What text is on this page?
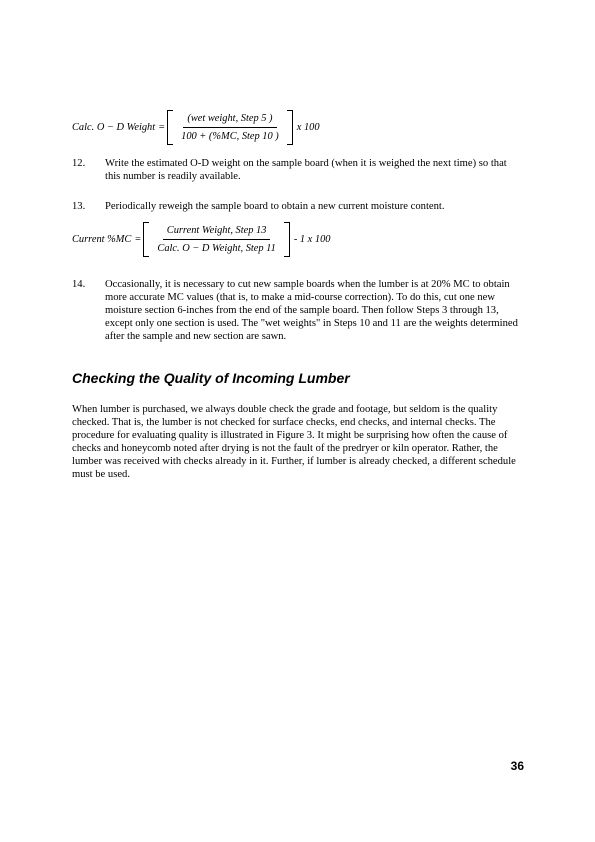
Calc. O − D Weight = $\frac{\text{(wet weight, Step 5 )}}{\text{100 + (\%MC, Step 10 )}}$ x 100
12. Write the estimated O-D weight on the sample board (when it is weighed the next time) so that this number is readily available.
13. Periodically reweigh the sample board to obtain a new current moisture content.
Current $\%MC = \frac{\text{Current Weight, Step 13}}{\text{Calc. O − D Weight, Step 11}} - 1$ x 100
14. Occasionally, it is necessary to cut new sample boards when the lumber is at 20% MC to obtain more accurate MC values (that is, to make a mid-course correction). To do this, cut one new moisture section 6-inches from the end of the sample board. Then follow Steps 3 through 13, except only one section is used. The "wet weights" in Steps 10 and 11 are the weights determined after the sample and new section are sawn.
Checking the Quality of Incoming Lumber
When lumber is purchased, we always double check the grade and footage, but seldom is the quality checked. That is, the lumber is not checked for surface checks, end checks, and internal checks. The procedure for evaluating quality is illustrated in Figure 3. It might be surprising how often the cause of checks and honeycomb noted after drying is not the fault of the predryer or kiln operator. Rather, the lumber was received with checks already in it. Further, if lumber is already checked, a different schedule must be used.
36
